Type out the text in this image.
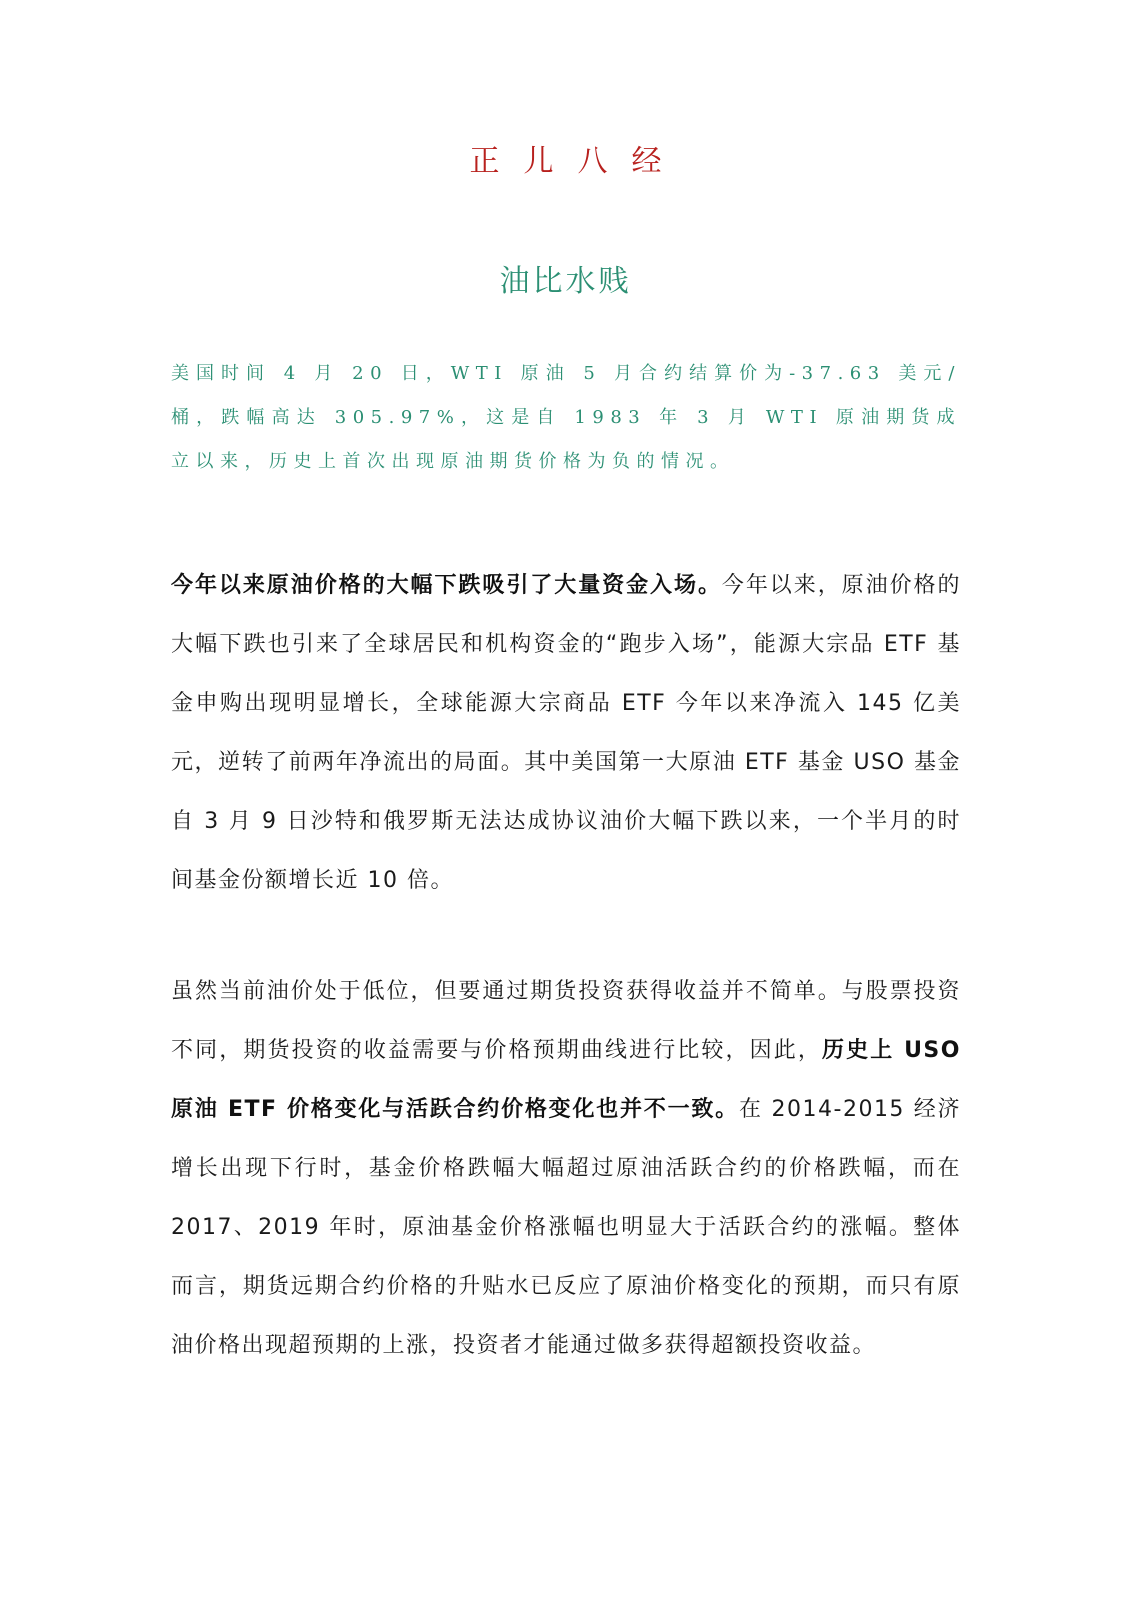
正儿八经
油比水贱
美国时间 4 月 20 日，WTI 原油 5 月合约结算价为-37.63 美元/桶，跌幅高达 305.97%，这是自 1983 年 3 月 WTI 原油期货成立以来，历史上首次出现原油期货价格为负的情况。
今年以来原油价格的大幅下跌吸引了大量资金入场。今年以来，原油价格的大幅下跌也引来了全球居民和机构资金的“跑步入场”，能源大宗品 ETF 基金申购出现明显增长，全球能源大宗商品 ETF 今年以来净流入 145 亿美元，逆转了前两年净流出的局面。其中美国第一大原油 ETF 基金 USO 基金自 3 月 9 日沙特和俄罗斯无法达成协议油价大幅下跌以来，一个半月的时间基金份额增长近 10 倍。
虽然当前油价处于低位，但要通过期货投资获得收益并不简单。与股票投资不同，期货投资的收益需要与价格预期曲线进行比较，因此，历史上 USO 原油 ETF 价格变化与活跃合约价格变化也并不一致。在 2014-2015 经济增长出现下行时，基金价格跌幅大幅超过原油活跃合约的价格跌幅，而在 2017、2019 年时，原油基金价格涨幅也明显大于活跃合约的涨幅。整体而言，期货远期合约价格的升贴水已反应了原油价格变化的预期，而只有原油价格出现超预期的上涨，投资者才能通过做多获得超额投资收益。
